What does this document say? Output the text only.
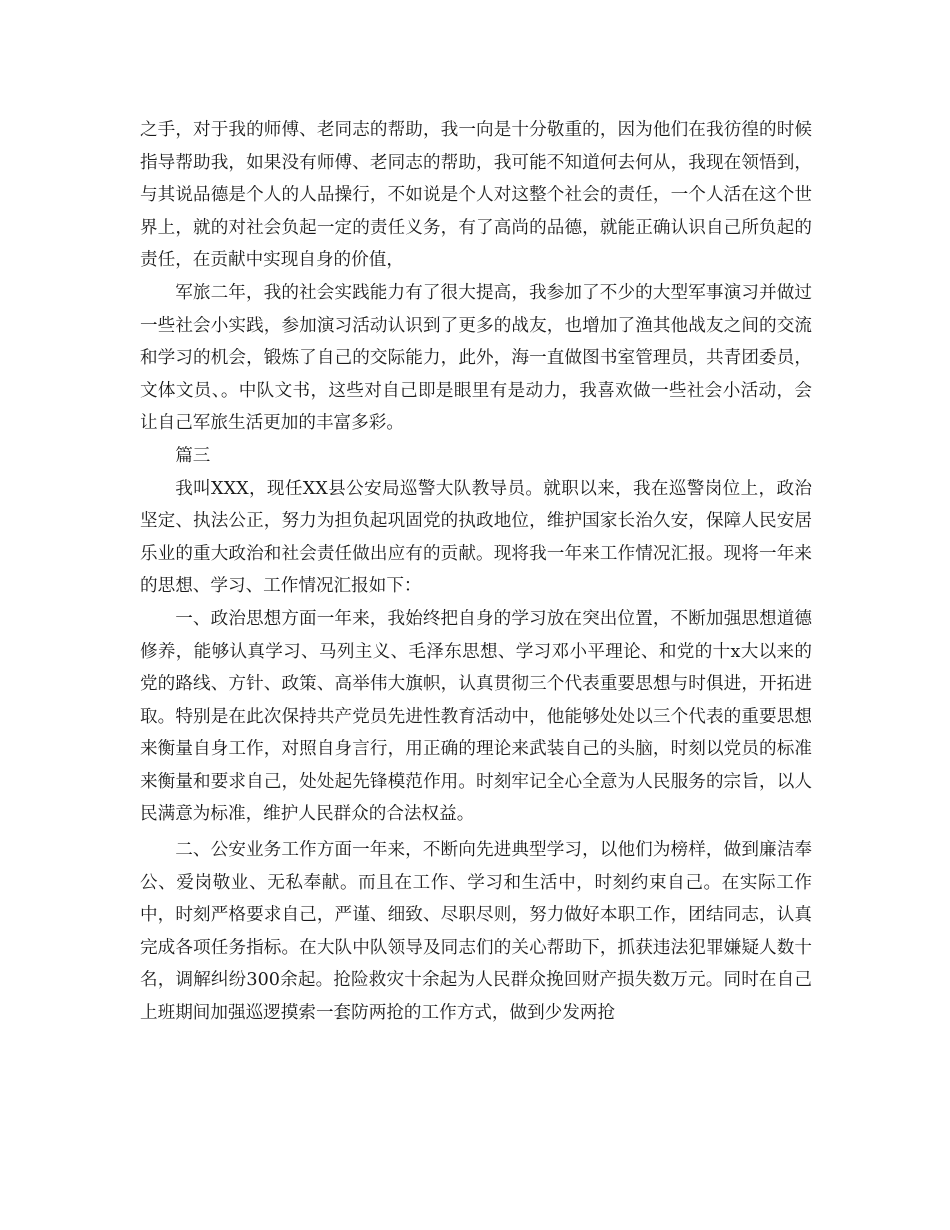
之手，对于我的师傅、老同志的帮助，我一向是十分敬重的，因为他们在我彷徨的时候指导帮助我，如果没有师傅、老同志的帮助，我可能不知道何去何从，我现在领悟到，与其说品德是个人的人品操行，不如说是个人对这整个社会的责任，一个人活在这个世界上，就的对社会负起一定的责任义务，有了高尚的品德，就能正确认识自己所负起的责任，在贡献中实现自身的价值，

军旅二年，我的社会实践能力有了很大提高，我参加了不少的大型军事演习并做过一些社会小实践，参加演习活动认识到了更多的战友，也增加了渔其他战友之间的交流和学习的机会，锻炼了自己的交际能力，此外，海一直做图书室管理员，共青团委员，文体文员、。中队文书，这些对自己即是眼里有是动力，我喜欢做一些社会小活动，会让自己军旅生活更加的丰富多彩。

篇三

我叫XXX，现任XX县公安局巡警大队教导员。就职以来，我在巡警岗位上，政治坚定、执法公正，努力为担负起巩固党的执政地位，维护国家长治久安，保障人民安居乐业的重大政治和社会责任做出应有的贡献。现将我一年来工作情况汇报。现将一年来的思想、学习、工作情况汇报如下：

一、政治思想方面一年来，我始终把自身的学习放在突出位置，不断加强思想道德修养，能够认真学习、马列主义、毛泽东思想、学习邓小平理论、和党的十x大以来的党的路线、方针、政策、高举伟大旗帜，认真贯彻三个代表重要思想与时俱进，开拓进取。特别是在此次保持共产党员先进性教育活动中，他能够处处以三个代表的重要思想来衡量自身工作，对照自身言行，用正确的理论来武装自己的头脑，时刻以党员的标准来衡量和要求自己，处处起先锋模范作用。时刻牢记全心全意为人民服务的宗旨，以人民满意为标准，维护人民群众的合法权益。

二、公安业务工作方面一年来，不断向先进典型学习，以他们为榜样，做到廉洁奉公、爱岗敬业、无私奉献。而且在工作、学习和生活中，时刻约束自己。在实际工作中，时刻严格要求自己，严谨、细致、尽职尽则，努力做好本职工作，团结同志，认真完成各项任务指标。在大队中队领导及同志们的关心帮助下，抓获违法犯罪嫌疑人数十名，调解纠纷300余起。抢险救灾十余起为人民群众挽回财产损失数万元。同时在自己上班期间加强巡逻摸索一套防两抢的工作方式，做到少发两抢
